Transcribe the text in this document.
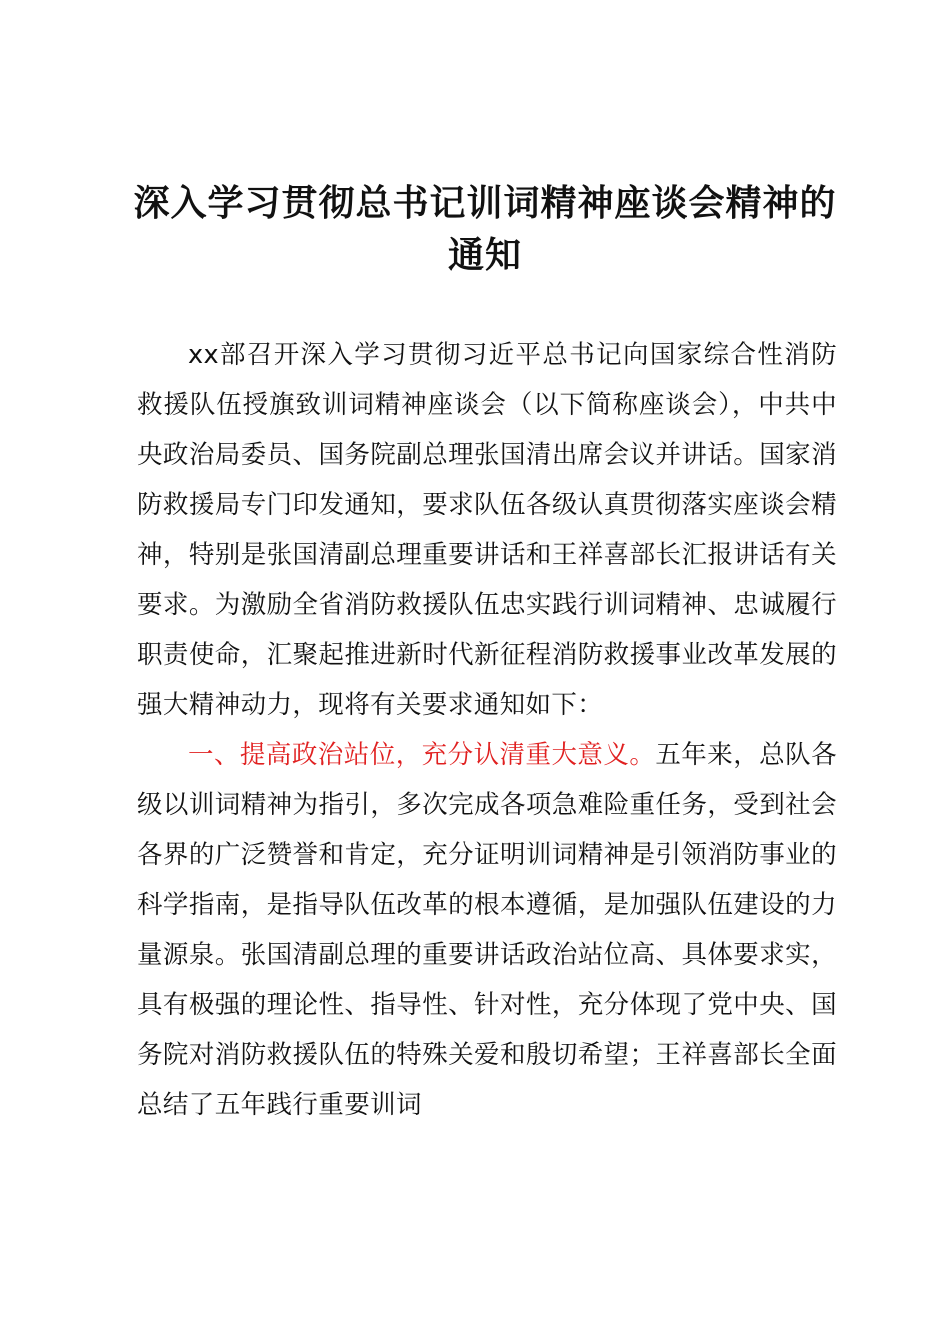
深入学习贯彻总书记训词精神座谈会精神的通知

xx部召开深入学习贯彻习近平总书记向国家综合性消防救援队伍授旗致训词精神座谈会（以下简称座谈会），中共中央政治局委员、国务院副总理张国清出席会议并讲话。国家消防救援局专门印发通知，要求队伍各级认真贯彻落实座谈会精神，特别是张国清副总理重要讲话和王祥喜部长汇报讲话有关要求。为激励全省消防救援队伍忠实践行训词精神、忠诚履行职责使命，汇聚起推进新时代新征程消防救援事业改革发展的强大精神动力，现将有关要求通知如下：

一、提高政治站位，充分认清重大意义。五年来，总队各级以训词精神为指引，多次完成各项急难险重任务，受到社会各界的广泛赞誉和肯定，充分证明训词精神是引领消防事业的科学指南，是指导队伍改革的根本遵循，是加强队伍建设的力量源泉。张国清副总理的重要讲话政治站位高、具体要求实，具有极强的理论性、指导性、针对性，充分体现了党中央、国务院对消防救援队伍的特殊关爱和殷切希望；王祥喜部长全面总结了五年践行重要训词
